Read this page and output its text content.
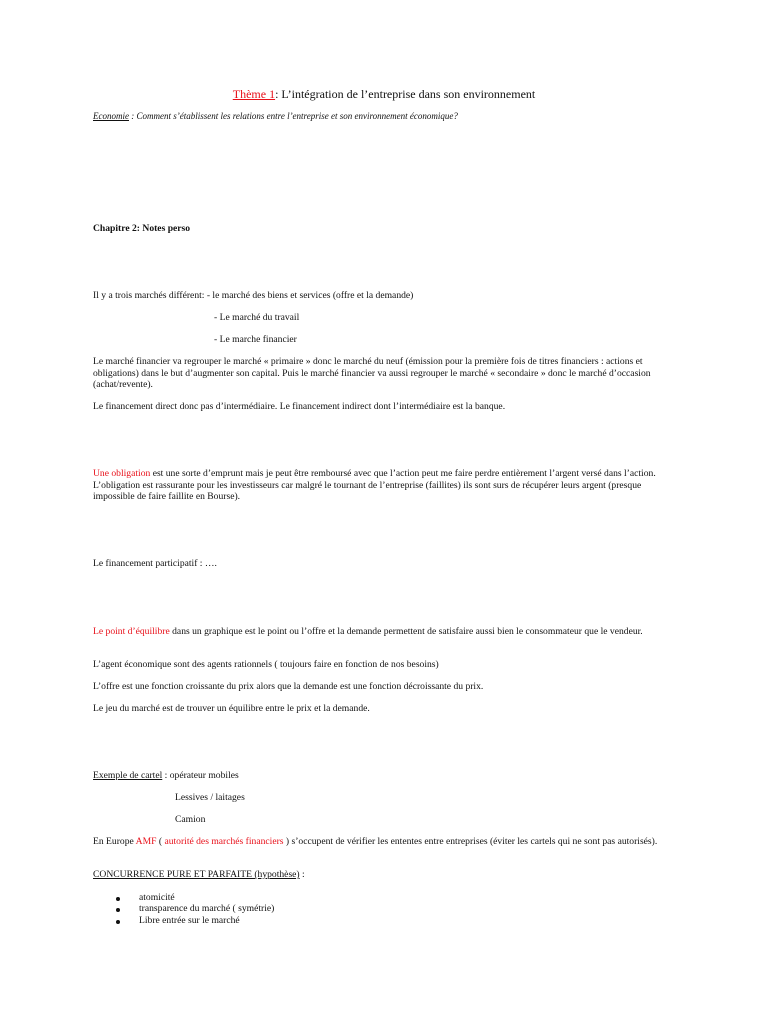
Thème 1: L’intégration de l’entreprise dans son environnement
Economie : Comment s’établissent les relations entre l’entreprise et son environnement économique?
Chapitre 2: Notes perso
Il y a trois marchés différent: - le marché des biens et services (offre et la demande)
- Le marché du travail
- Le marche financier
Le marché financier va regrouper le marché « primaire » donc le marché du neuf (émission pour la première fois de titres financiers : actions et obligations) dans le but d’augmenter son capital. Puis le marché financier va aussi regrouper le marché « secondaire » donc le marché d’occasion (achat/revente).
Le financement direct donc pas d’intermédiaire. Le financement indirect dont l’intermédiaire est la banque.
Une obligation est une sorte d’emprunt mais je peut être remboursé avec que l’action peut me faire perdre entièrement l’argent versé dans l’action. L’obligation est rassurante pour les investisseurs car malgré le tournant de l’entreprise (faillites) ils sont surs de récupérer leurs argent (presque impossible de faire faillite en Bourse).
Le financement participatif : ….
Le point d’équilibre dans un graphique est le point ou l’offre et la demande permettent de satisfaire aussi bien le consommateur que le vendeur.
L’agent économique sont des agents rationnels ( toujours faire en fonction de nos besoins)
L’offre est une fonction croissante du prix alors que la demande est une fonction décroissante du prix.
Le jeu du marché est de trouver un équilibre entre le prix et la demande.
Exemple de cartel : opérateur mobiles
Lessives / laitages
Camion
En Europe AMF ( autorité des marchés financiers ) s’occupent de vérifier les ententes entre entreprises (éviter les cartels qui ne sont pas autorisés).
CONCURRENCE PURE ET PARFAITE (hypothèse) :
atomicité
transparence du marché ( symétrie)
Libre entrée sur le marché
